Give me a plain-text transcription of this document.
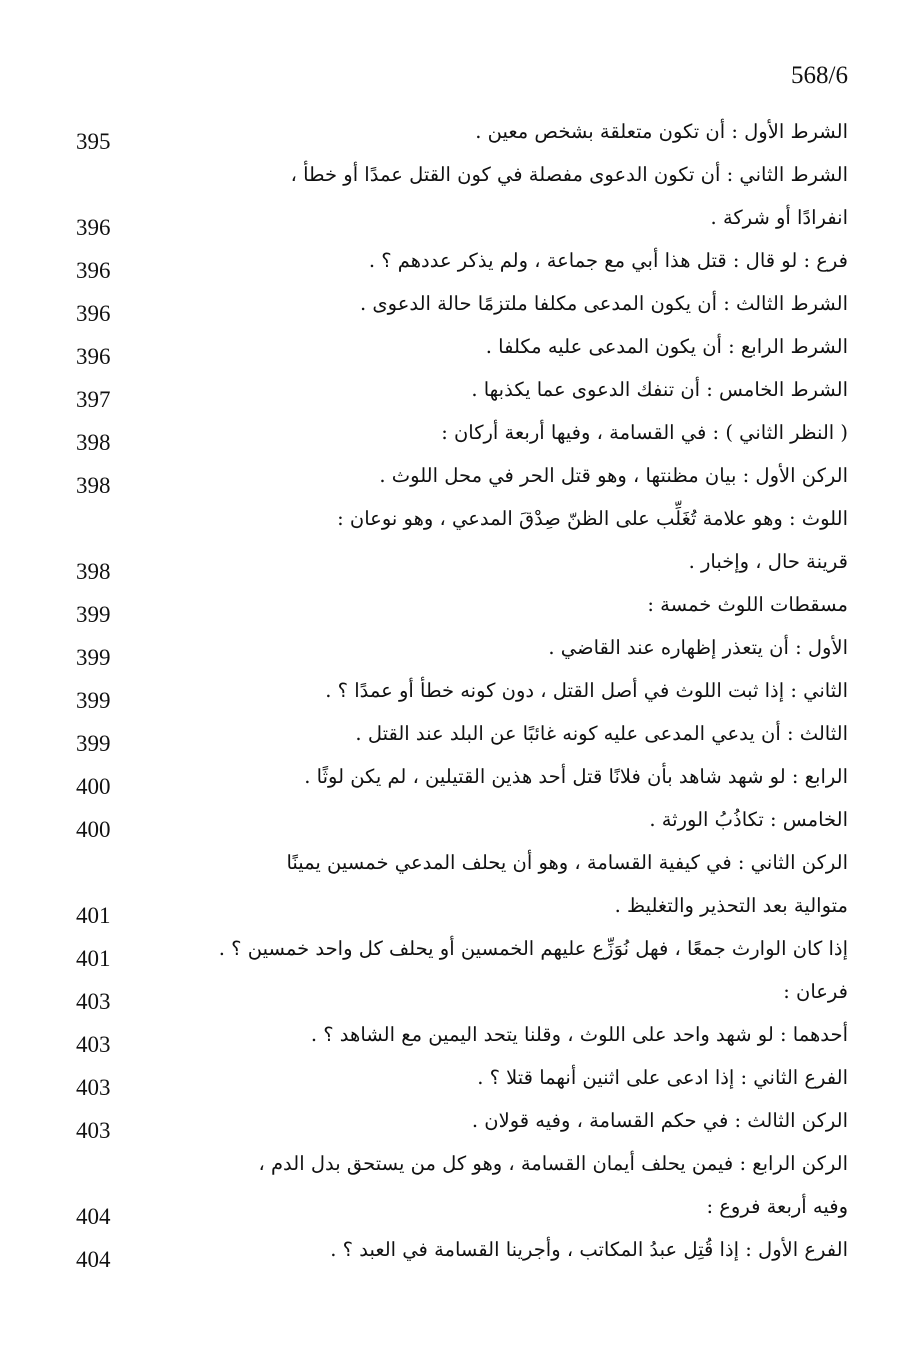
568/6
الشرط الأول : أن تكون متعلقة بشخص معين .
395
الشرط الثاني : أن تكون الدعوى مفصلة في كون القتل عمدًا أو خطأ ،
انفرادًا أو شركة .
396
فرع : لو قال : قتل هذا أبي مع جماعة ، ولم يذكر عددهم ؟ .
396
الشرط الثالث : أن يكون المدعى مكلفا ملتزمًا حالة الدعوى .
396
الشرط الرابع : أن يكون المدعى عليه مكلفا .
396
الشرط الخامس : أن تنفك الدعوى عما يكذبها .
397
( النظر الثاني ) : في القسامة ، وفيها أربعة أركان :
398
الركن الأول : بيان مظنتها ، وهو قتل الحر في محل اللوث .
398
اللوث : وهو علامة تُغَلِّب على الظنّ صِدْقَ المدعي ، وهو نوعان :
قرينة حال ، وإخبار .
398
مسقطات اللوث خمسة :
399
الأول : أن يتعذر إظهاره عند القاضي .
399
الثاني : إذا ثبت اللوث في أصل القتل ، دون كونه خطأ أو عمدًا ؟ .
399
الثالث : أن يدعي المدعى عليه كونه غائبًا عن البلد عند القتل .
399
الرابع : لو شهد شاهد بأن فلانًا قتل أحد هذين القتيلين ، لم يكن لوثًا .
400
الخامس : تكاذُبُ الورثة .
400
الركن الثاني : في كيفية القسامة ، وهو أن يحلف المدعي خمسين يمينًا
متوالية بعد التحذير والتغليظ .
401
إذا كان الوارث جمعًا ، فهل نُوَزِّع عليهم الخمسين أو يحلف كل واحد خمسين ؟ .
401
فرعان :
403
أحدهما : لو شهد واحد على اللوث ، وقلنا يتحد اليمين مع الشاهد ؟ .
403
الفرع الثاني : إذا ادعى على اثنين أنهما قتلا ؟ .
403
الركن الثالث : في حكم القسامة ، وفيه قولان .
403
الركن الرابع : فيمن يحلف أيمان القسامة ، وهو كل من يستحق بدل الدم ،
وفيه أربعة فروع :
404
الفرع الأول : إذا قُتِل عبدُ المكاتب ، وأجرينا القسامة في العبد ؟ .
404
